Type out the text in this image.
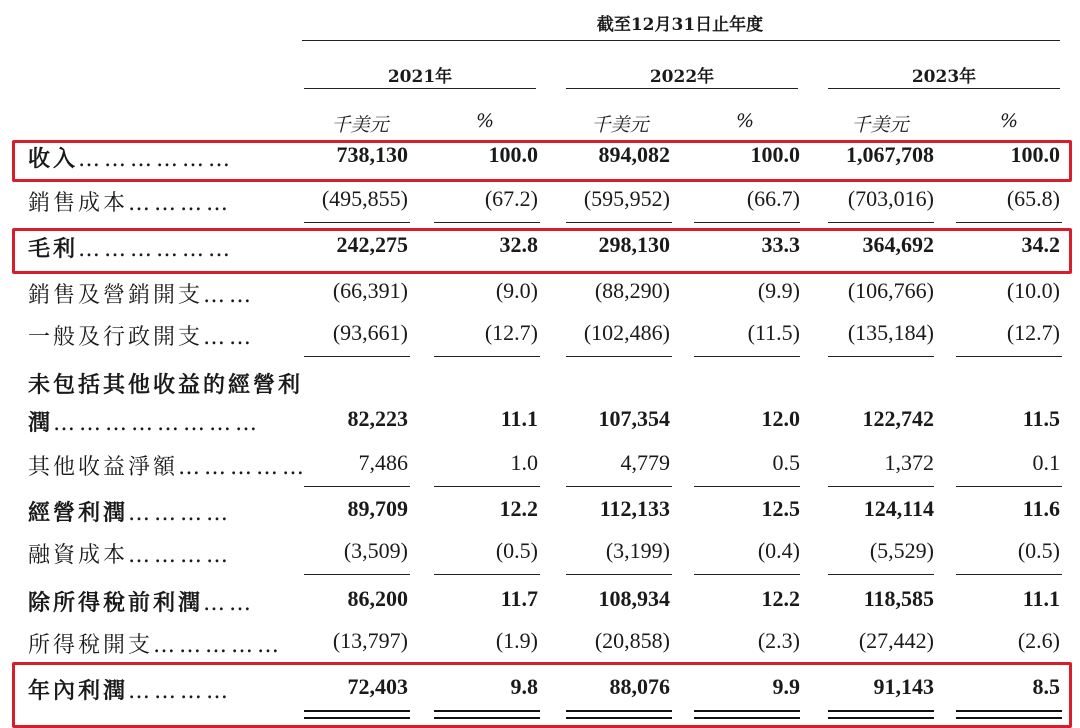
截至12月31日止年度
2021年	2022年	2023年
千美元	%	千美元	%	千美元	%
收入………………	738,130	100.0	894,082	100.0 1,067,708	100.0
銷售成本…………	(495,855)	(67.2) (595,952)	(66.7) (703,016)	(65.8)
毛利………………	242,275	32.8	298,130	33.3	364,692	34.2
銷售及營銷開支……	(66,391)	(9.0)	(88,290)	(9.9) (106,766)	(10.0)
一般及行政開支……	(93,661)	(12.7) (102,486)	(11.5) (135,184)	(12.7)
未包括其他收益的經營利
潤……………………	82,223	11.1	107,354	12.0	122,742	11.5
其他收益淨額…………… 7,486	1.0	4,779	0.5	1,372	0.1
經營利潤…………	89,709	12.2	112,133	12.5	124,114	11.6
融資成本…………	(3,509)	(0.5)	(3,199)	(0.4)	(5,529)	(0.5)
除所得稅前利潤……	86,200	11.7	108,934	12.2	118,585	11.1
所得稅開支…………… (13,797)	(1.9)	(20,858)	(2.3)	(27,442)	(2.6)
年內利潤…………	72,403	9.8	88,076	9.9	91,143	8.5
